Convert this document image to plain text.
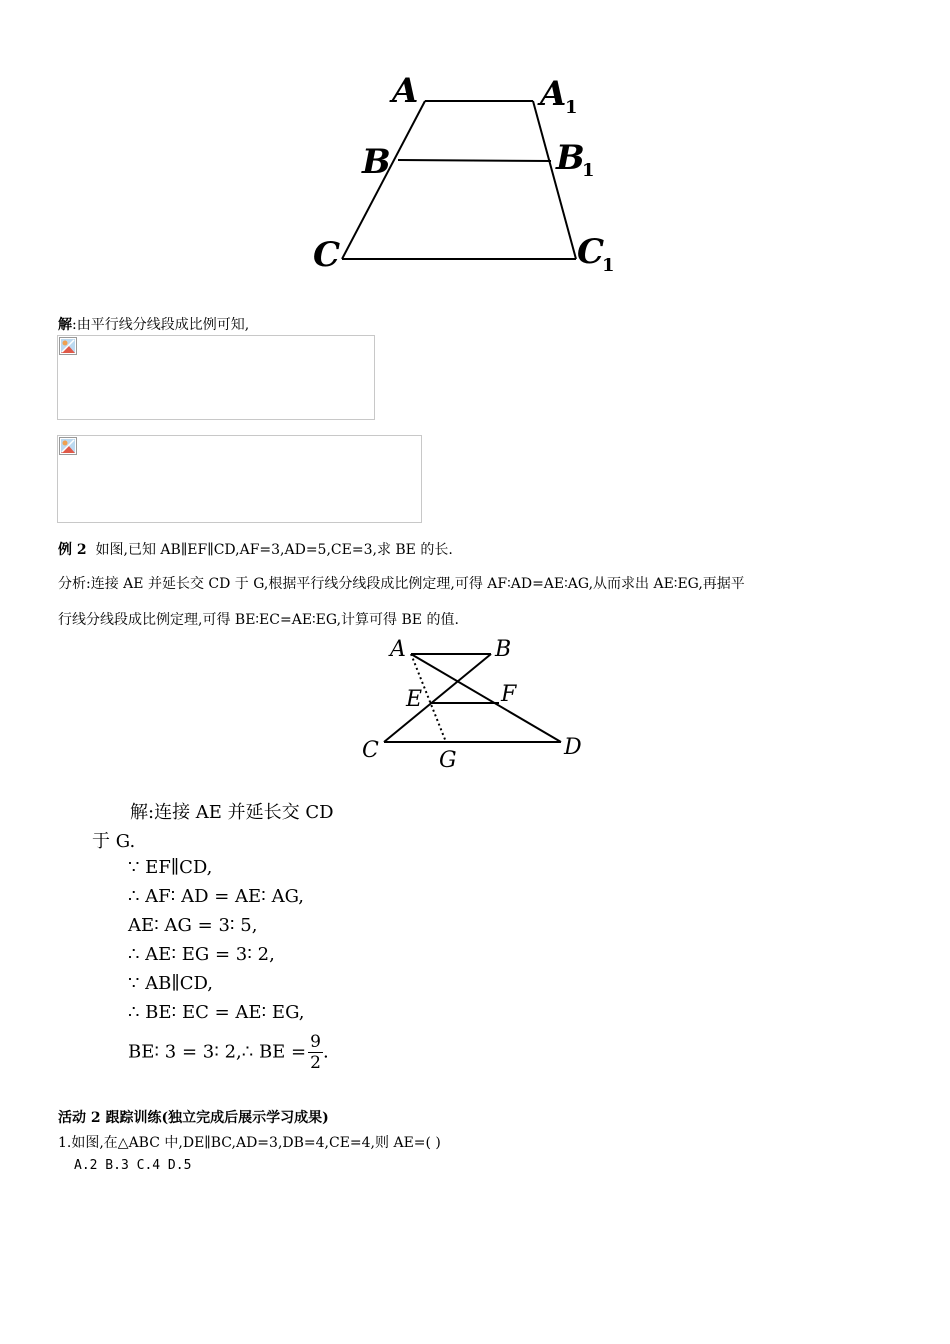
A	A
1
B	B
1
C	C
1
解:由平行线分线段成比例可知,
例 2 如图,已知 AB∥EF∥CD,AF=3,AD=5,CE=3,求 BE 的长.
分析:连接 AE 并延长交 CD 于 G,根据平行线分线段成比例定理,可得 AF∶AD=AE∶AG,从而求出 AE∶EG,再据平
行线分线段成比例定理,可得 BE∶EC=AE∶EG,计算可得 BE 的值.
A	B
E	F
C	G
D
解:连接 AE 并延长交 CD
于 G.
∵ EF∥CD,
∴ AF∶ AD = AE∶ AG,
AE∶ AG = 3∶ 5,
∴ AE∶ EG = 3∶ 2,
∵ AB∥CD,
∴ BE∶ EC = AE∶ EG,
BE∶ 3 = 3∶ 2,∴ BE = $\frac{9}{2}$ .
活动 2 跟踪训练(独立完成后展示学习成果)
1.如图,在△ABC 中,DE∥BC,AD=3,DB=4,CE=4,则 AE=( )
A.2 B.3 C.4 D.5
